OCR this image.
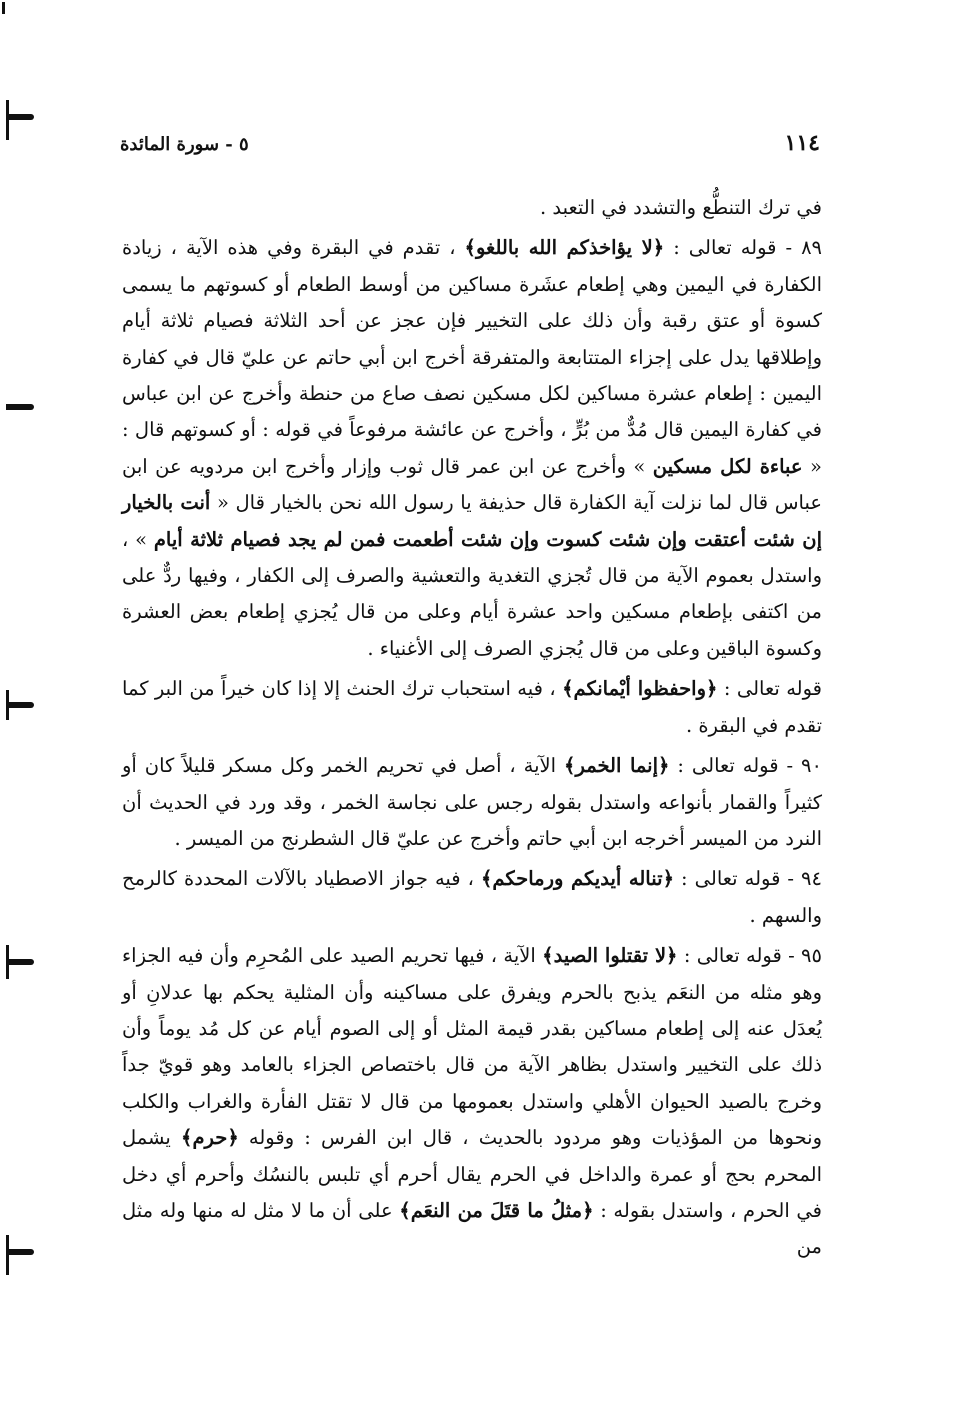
١١٤
٥ - سورة المائدة

في ترك التنطُّع والتشدد في التعبد .

٨٩ - قوله تعالى : ﴿لا يؤاخذكم الله باللغو﴾ ، تقدم في البقرة وفي هذه الآية ، زيادة الكفارة في اليمين وهي إطعام عشَرة مساكين من أوسط الطعام أو كسوتهم ما يسمى كسوة أو عتق رقبة وأن ذلك على التخيير فإن عجز عن أحد الثلاثة فصيام ثلاثة أيام وإطلاقها يدل على إجزاء المتتابعة والمتفرقة أخرج ابن أبي حاتم عن عليّ قال في كفارة اليمين : إطعام عشرة مساكين لكل مسكين نصف صاع من حنطة وأخرج عن ابن عباس في كفارة اليمين قال مُدٌّ من بُرٍّ ، وأخرج عن عائشة مرفوعاً في قوله : أو كسوتهم قال : « عباءة لكل مسكين » وأخرج عن ابن عمر قال ثوب وإزار وأخرج ابن مردويه عن ابن عباس قال لما نزلت آية الكفارة قال حذيفة يا رسول الله نحن بالخيار قال « أنت بالخيار إن شئت أعتقت وإن شئت كسوت وإن شئت أطعمت فمن لم يجد فصيام ثلاثة أيام » ، واستدل بعموم الآية من قال تُجزي التغدية والتعشية والصرف إلى الكفار ، وفيها ردٌّ على من اكتفى بإطعام مسكين واحد عشرة أيام وعلى من قال يُجزي إطعام بعض العشرة وكسوة الباقين وعلى من قال يُجزي الصرف إلى الأغنياء .

قوله تعالى : ﴿واحفظوا أيْمانكم﴾ ، فيه استحباب ترك الحنث إلا إذا كان خيراً من البر كما تقدم في البقرة .

٩٠ - قوله تعالى : ﴿إنما الخمر﴾ الآية ، أصل في تحريم الخمر وكل مسكر قليلاً كان أو كثيراً والقمار بأنواعه واستدل بقوله رجس على نجاسة الخمر ، وقد ورد في الحديث أن النرد من الميسر أخرجه ابن أبي حاتم وأخرج عن عليّ قال الشطرنج من الميسر .

٩٤ - قوله تعالى : ﴿تناله أيديكم ورماحكم﴾ ، فيه جواز الاصطياد بالآلات المحددة كالرمح والسهم .

٩٥ - قوله تعالى : ﴿لا تقتلوا الصيد﴾ الآية ، فيها تحريم الصيد على المُحرِم وأن فيه الجزاء وهو مثله من النعَم يذبح بالحرم ويفرق على مساكينه وأن المثلية يحكم بها عدلانِ أو يُعدَل عنه إلى إطعام مساكين بقدر قيمة المثل أو إلى الصوم أيام عن كل مُد يوماً وأن ذلك على التخيير واستدل بظاهر الآية من قال باختصاص الجزاء بالعامد وهو قويّ جداً وخرج بالصيد الحيوان الأهلي واستدل بعمومها من قال لا تقتل الفأرة والغراب والكلب ونحوها من المؤذيات وهو مردود بالحديث ، قال ابن الفرس : وقوله ﴿حرم﴾ يشمل المحرم بحج أو عمرة والداخل في الحرم يقال أحرم أي تلبس بالنسُك وأحرم أي دخل في الحرم ، واستدل بقوله : ﴿مثلُ ما قتَلَ من النعَم﴾ على أن ما لا مثل له منها وله مثل من
